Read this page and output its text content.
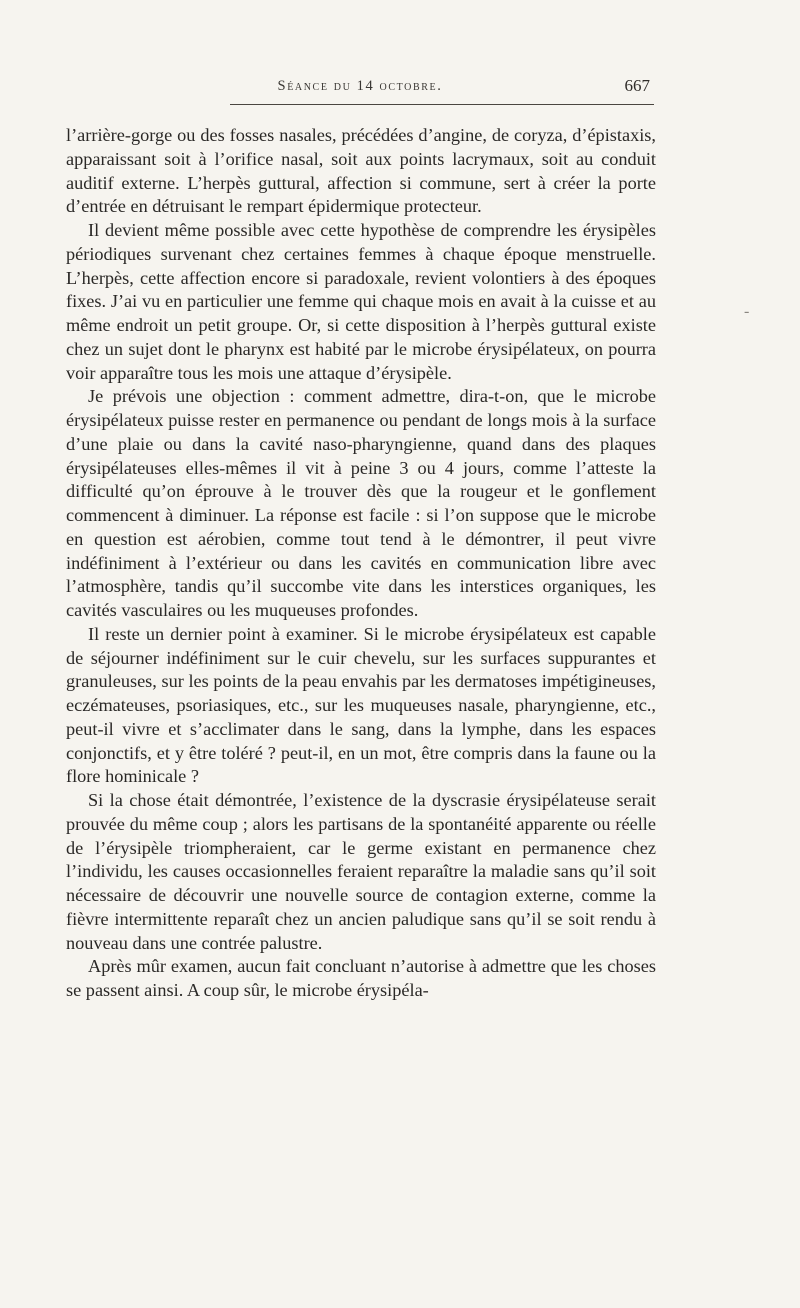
Séance du 14 octobre.	667

l’arrière-gorge ou des fosses nasales, précédées d’angine, de coryza, d’épistaxis, apparaissant soit à l’orifice nasal, soit aux points lacrymaux, soit au conduit auditif externe. L’herpès guttural, affection si commune, sert à créer la porte d’entrée en détruisant le rempart épidermique protecteur.

Il devient même possible avec cette hypothèse de comprendre les érysipèles périodiques survenant chez certaines femmes à chaque époque menstruelle. L’herpès, cette affection encore si paradoxale, revient volontiers à des époques fixes. J’ai vu en particulier une femme qui chaque mois en avait à la cuisse et au même endroit un petit groupe. Or, si cette disposition à l’herpès guttural existe chez un sujet dont le pharynx est habité par le microbe érysipélateux, on pourra voir apparaître tous les mois une attaque d’érysipèle.

Je prévois une objection : comment admettre, dira-t-on, que le microbe érysipélateux puisse rester en permanence ou pendant de longs mois à la surface d’une plaie ou dans la cavité naso-pharyngienne, quand dans des plaques érysipélateuses elles-mêmes il vit à peine 3 ou 4 jours, comme l’atteste la difficulté qu’on éprouve à le trouver dès que la rougeur et le gonflement commencent à diminuer. La réponse est facile : si l’on suppose que le microbe en question est aérobien, comme tout tend à le démontrer, il peut vivre indéfiniment à l’extérieur ou dans les cavités en communication libre avec l’atmosphère, tandis qu’il succombe vite dans les interstices organiques, les cavités vasculaires ou les muqueuses profondes.

Il reste un dernier point à examiner. Si le microbe érysipélateux est capable de séjourner indéfiniment sur le cuir chevelu, sur les surfaces suppurantes et granuleuses, sur les points de la peau envahis par les dermatoses impétigineuses, eczémateuses, psoriasiques, etc., sur les muqueuses nasale, pharyngienne, etc., peut-il vivre et s’acclimater dans le sang, dans la lymphe, dans les espaces conjonctifs, et y être toléré ? peut-il, en un mot, être compris dans la faune ou la flore hominicale ?

Si la chose était démontrée, l’existence de la dyscrasie érysipélateuse serait prouvée du même coup ; alors les partisans de la spontanéité apparente ou réelle de l’érysipèle triompheraient, car le germe existant en permanence chez l’individu, les causes occasionnelles feraient reparaître la maladie sans qu’il soit nécessaire de découvrir une nouvelle source de contagion externe, comme la fièvre intermittente reparaît chez un ancien paludique sans qu’il se soit rendu à nouveau dans une contrée palustre.

Après mûr examen, aucun fait concluant n’autorise à admettre que les choses se passent ainsi. A coup sûr, le microbe érysipéla-

-
